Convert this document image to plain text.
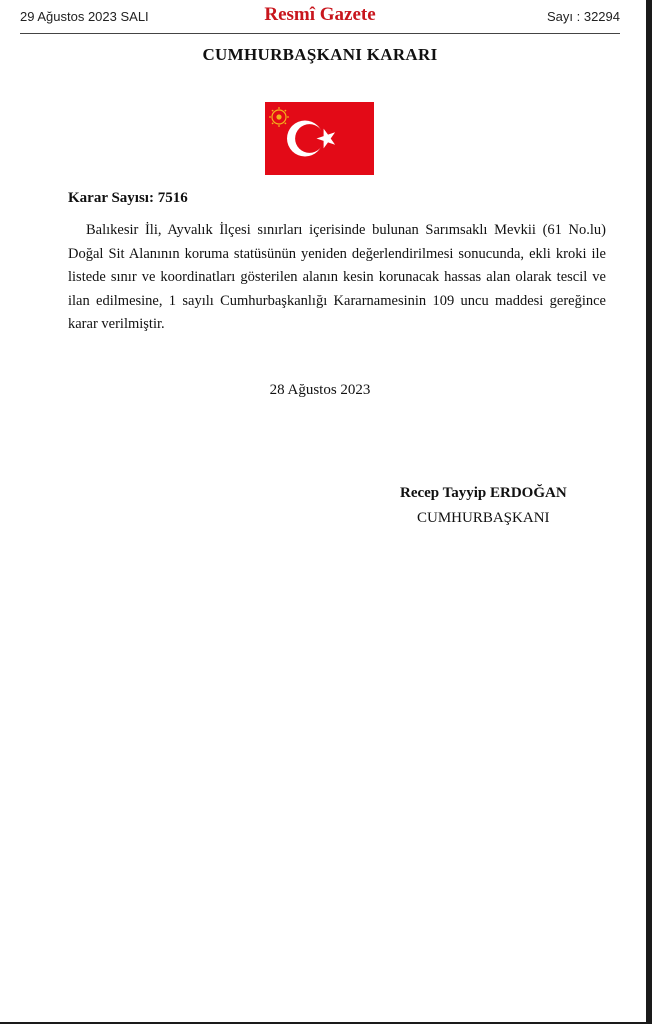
29 Ağustos 2023 SALI	Resmî Gazete	Sayı : 32294
CUMHURBAŞKANI KARARI
Karar Sayısı: 7516

Balıkesir İli, Ayvalık İlçesi sınırları içerisinde bulunan Sarımsaklı Mevkii (61 No.lu) Doğal Sit Alanının koruma statüsünün yeniden değerlendirilmesi sonucunda, ekli kroki ile listede sınır ve koordinatları gösterilen alanın kesin korunacak hassas alan olarak tescil ve ilan edilmesine, 1 sayılı Cumhurbaşkanlığı Kararnamesinin 109 uncu maddesi gereğince karar verilmiştir.

28 Ağustos 2023
Recep Tayyip ERDOĞAN
CUMHURBAŞKANI
